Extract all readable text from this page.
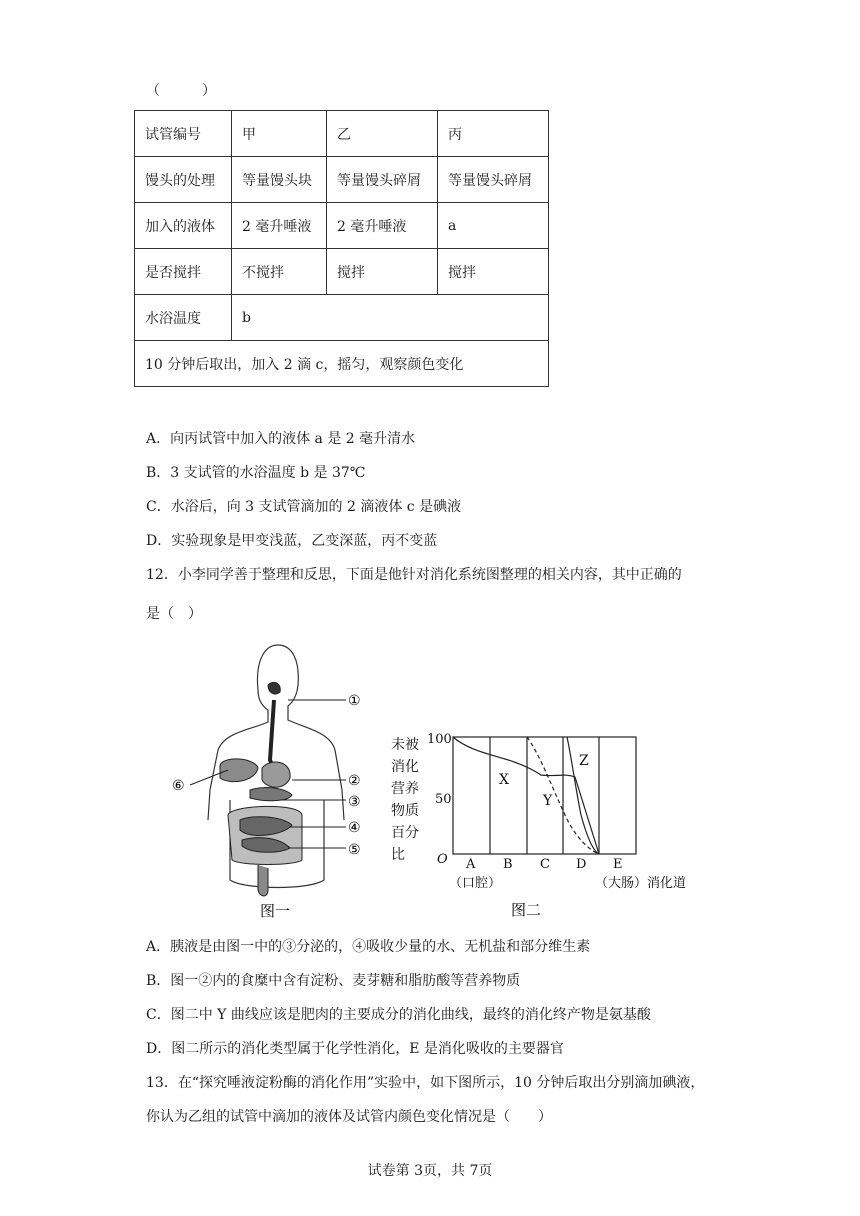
（　　　）
试管编号	甲	乙	丙
馒头的处理	等量馒头块	等量馒头碎屑	等量馒头碎屑
加入的液体	2 毫升唾液	2 毫升唾液	a
是否搅拌	不搅拌	搅拌	搅拌
水浴温度	b		
10 分钟后取出，加入 2 滴 c，摇匀，观察颜色变化			
A．向丙试管中加入的液体 a 是 2 毫升清水
B．3 支试管的水浴温度 b 是 37℃
C．水浴后，向 3 支试管滴加的 2 滴液体 c 是碘液
D．实验现象是甲变浅蓝，乙变深蓝，丙不变蓝
12．小李同学善于整理和反思，下面是他针对消化系统图整理的相关内容，其中正确的
是（　）
①
②
③
④
⑤
⑥
图一
未被
消化
营养
物质
百分
比
100
50
O
X
Y
Z
A B C D E
（口腔）	（大肠）消化道
图二
A．胰液是由图一中的③分泌的，④吸收少量的水、无机盐和部分维生素
B．图一②内的食糜中含有淀粉、麦芽糖和脂肪酸等营养物质
C．图二中 Y 曲线应该是肥肉的主要成分的消化曲线，最终的消化终产物是氨基酸
D．图二所示的消化类型属于化学性消化，E 是消化吸收的主要器官
13．在“探究唾液淀粉酶的消化作用”实验中，如下图所示，10 分钟后取出分别滴加碘液，
你认为乙组的试管中滴加的液体及试管内颜色变化情况是（　　）
试卷第 3页，共 7页
